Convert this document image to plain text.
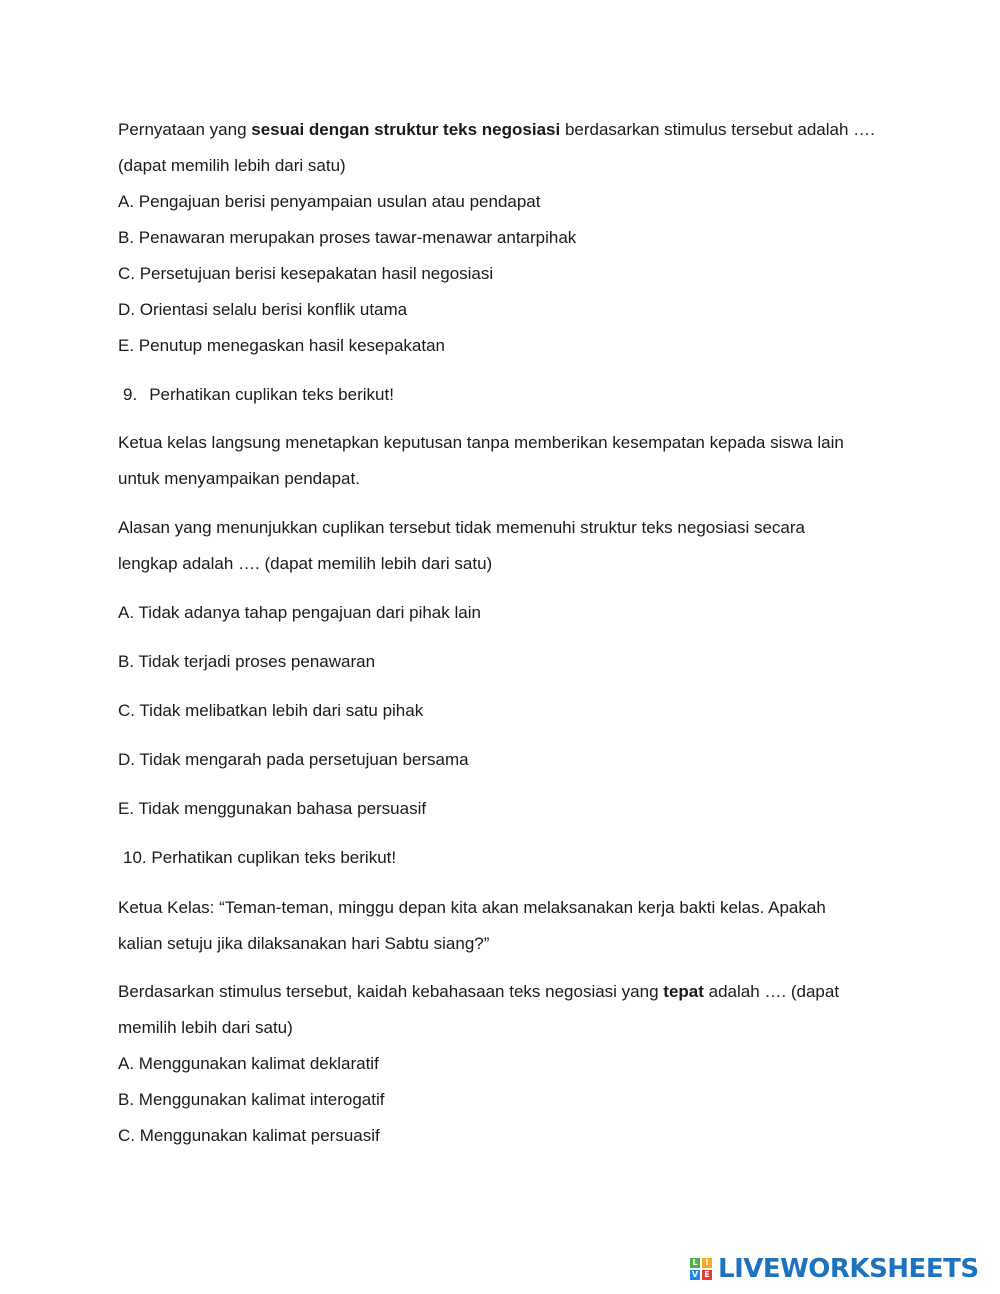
Pernyataan yang sesuai dengan struktur teks negosiasi berdasarkan stimulus tersebut adalah ….

(dapat memilih lebih dari satu)

A. Pengajuan berisi penyampaian usulan atau pendapat

B. Penawaran merupakan proses tawar-menawar antarpihak

C. Persetujuan berisi kesepakatan hasil negosiasi

D. Orientasi selalu berisi konflik utama

E. Penutup menegaskan hasil kesepakatan

9. Perhatikan cuplikan teks berikut!

Ketua kelas langsung menetapkan keputusan tanpa memberikan kesempatan kepada siswa lain

untuk menyampaikan pendapat.

Alasan yang menunjukkan cuplikan tersebut tidak memenuhi struktur teks negosiasi secara

lengkap adalah …. (dapat memilih lebih dari satu)

A. Tidak adanya tahap pengajuan dari pihak lain

B. Tidak terjadi proses penawaran

C. Tidak melibatkan lebih dari satu pihak

D. Tidak mengarah pada persetujuan bersama

E. Tidak menggunakan bahasa persuasif

10. Perhatikan cuplikan teks berikut!

Ketua Kelas: “Teman-teman, minggu depan kita akan melaksanakan kerja bakti kelas. Apakah

kalian setuju jika dilaksanakan hari Sabtu siang?”

Berdasarkan stimulus tersebut, kaidah kebahasaan teks negosiasi yang tepat adalah …. (dapat

memilih lebih dari satu)

A. Menggunakan kalimat deklaratif

B. Menggunakan kalimat interogatif

C. Menggunakan kalimat persuasif

L I
V E LIVEWORKSHEETS
